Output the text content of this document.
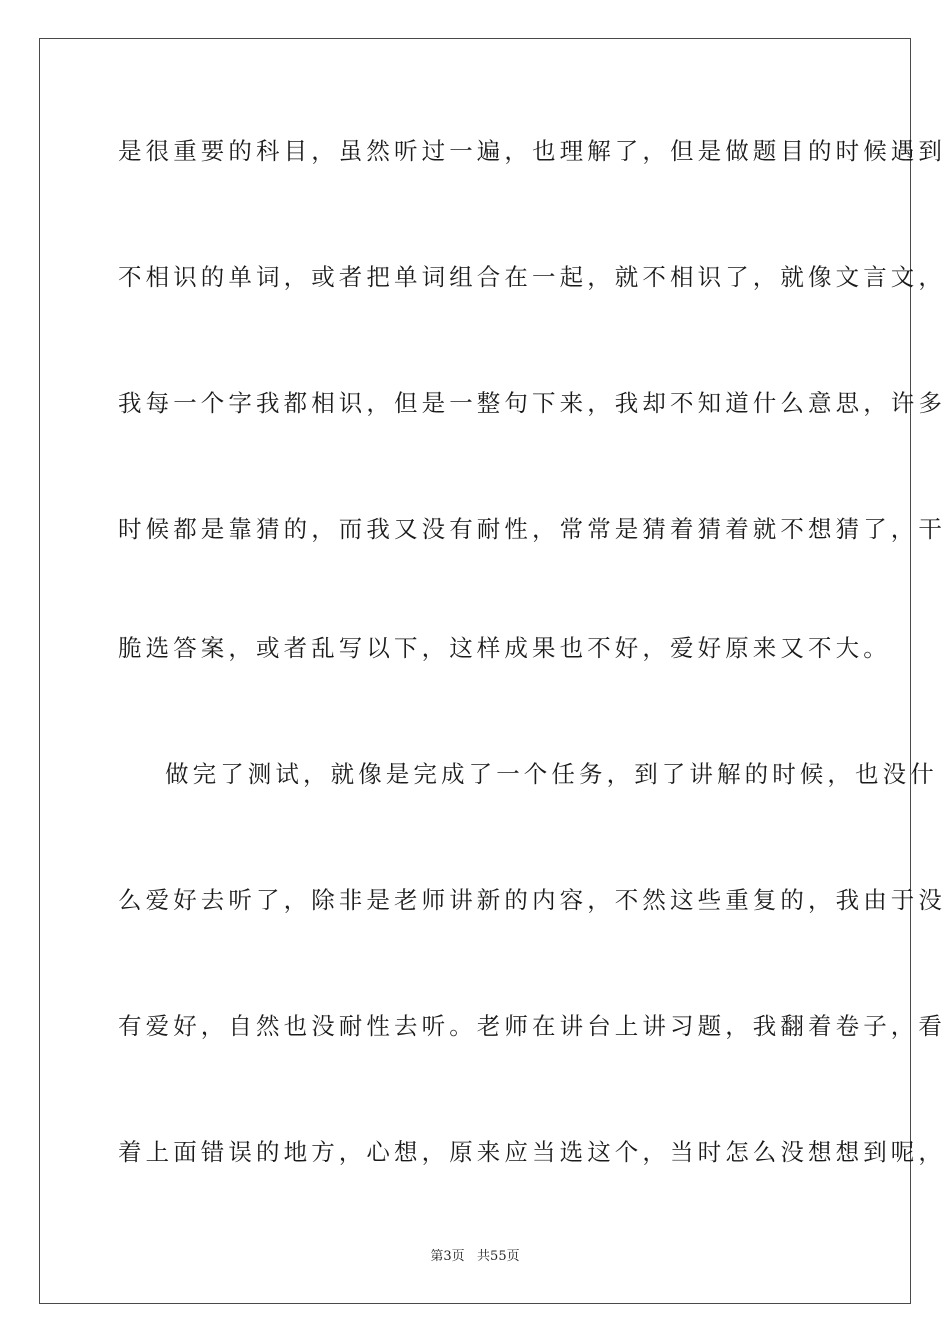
是很重要的科目，虽然听过一遍，也理解了，但是做题目的时候遇到
不相识的单词，或者把单词组合在一起，就不相识了，就像文言文，
我每一个字我都相识，但是一整句下来，我却不知道什么意思，许多
时候都是靠猜的，而我又没有耐性，常常是猜着猜着就不想猜了，干
脆选答案，或者乱写以下，这样成果也不好，爱好原来又不大。
做完了测试，就像是完成了一个任务，到了讲解的时候，也没什
么爱好去听了，除非是老师讲新的内容，不然这些重复的，我由于没
有爱好，自然也没耐性去听。老师在讲台上讲习题，我翻着卷子，看
着上面错误的地方，心想，原来应当选这个，当时怎么没想想到呢，
第3页   共55页
